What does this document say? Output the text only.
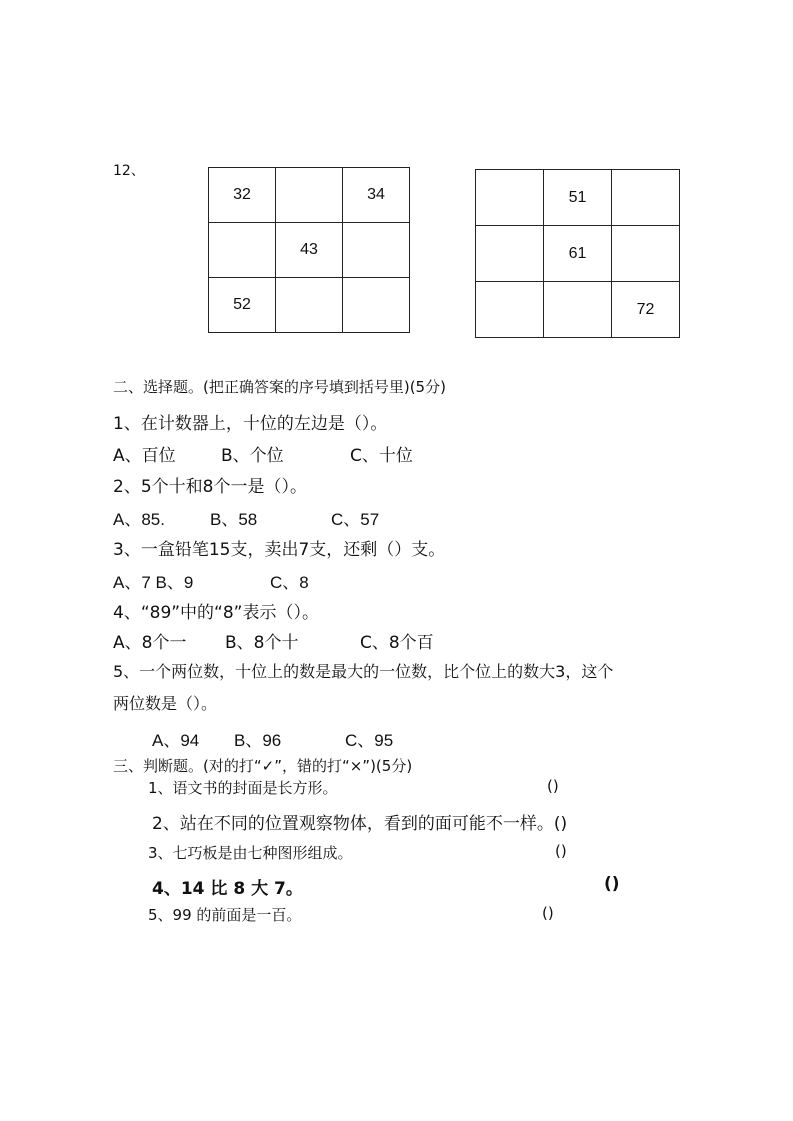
12、
32		34
	43	
52		
	51	
	61	
		72
二、选择题。(把正确答案的序号填到括号里)(5分)
1、在计数器上，十位的左边是（）。
A、百位	B、个位	C、十位
2、5个十和8个一是（）。
A、85.	B、58	C、57
3、一盒铅笔15支，卖出7支，还剩（）支。
A、7 B、9	C、8
4、“89”中的“8”表示（）。
A、8个一 B、8个十	C、8个百
5、一个两位数，十位上的数是最大的一位数，比个位上的数大3，这个
两位数是（）。
A、94 B、96	C、95
三、判断题。(对的打“✓”，错的打“×”)(5分)
1、语文书的封面是长方形。	()
2、站在不同的位置观察物体，看到的面可能不一样。()
3、七巧板是由七种图形组成。	()
4、14 比 8 大 7。	()
5、99 的前面是一百。	()
